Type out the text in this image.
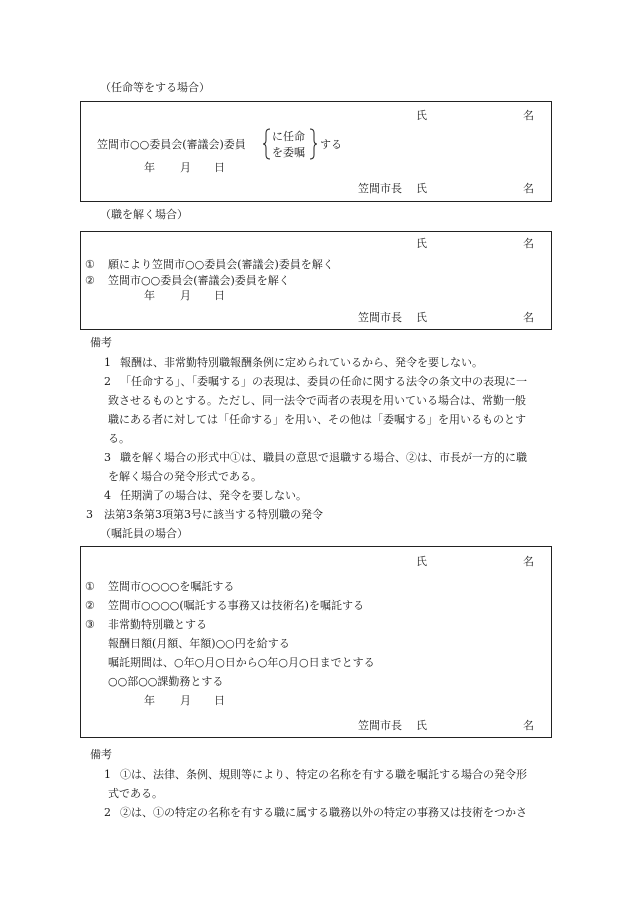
（任命等をする場合）
氏	名
笠間市○○委員会(審議会)委員
に任命
を委嘱
する
年 月 日
笠間市長 氏	名
（職を解く場合）
氏	名
① 願により笠間市○○委員会(審議会)委員を解く
② 笠間市○○委員会(審議会)委員を解く
年 月 日
笠間市長 氏	名
備考
1 報酬は、非常勤特別職報酬条例に定められているから、発令を要しない。
2 「任命する」、「委嘱する」の表現は、委員の任命に関する法令の条文中の表現に一
致させるものとする。ただし、同一法令で両者の表現を用いている場合は、常勤一般
職にある者に対しては「任命する」を用い、その他は「委嘱する」を用いるものとす
る。
3 職を解く場合の形式中①は、職員の意思で退職する場合、②は、市長が一方的に職
を解く場合の発令形式である。
4 任期満了の場合は、発令を要しない。
3 法第3条第3項第3号に該当する特別職の発令
（嘱託員の場合）
氏	名
① 笠間市○○○○を嘱託する
② 笠間市○○○○(嘱託する事務又は技術名)を嘱託する
③ 非常勤特別職とする
報酬日額(月額、年額)○○円を給する
嘱託期間は、○年○月○日から○年○月○日までとする
○○部○○課勤務とする
年 月 日
笠間市長 氏	名
備考
1 ①は、法律、条例、規則等により、特定の名称を有する職を嘱託する場合の発令形
式である。
2 ②は、①の特定の名称を有する職に属する職務以外の特定の事務又は技術をつかさ
